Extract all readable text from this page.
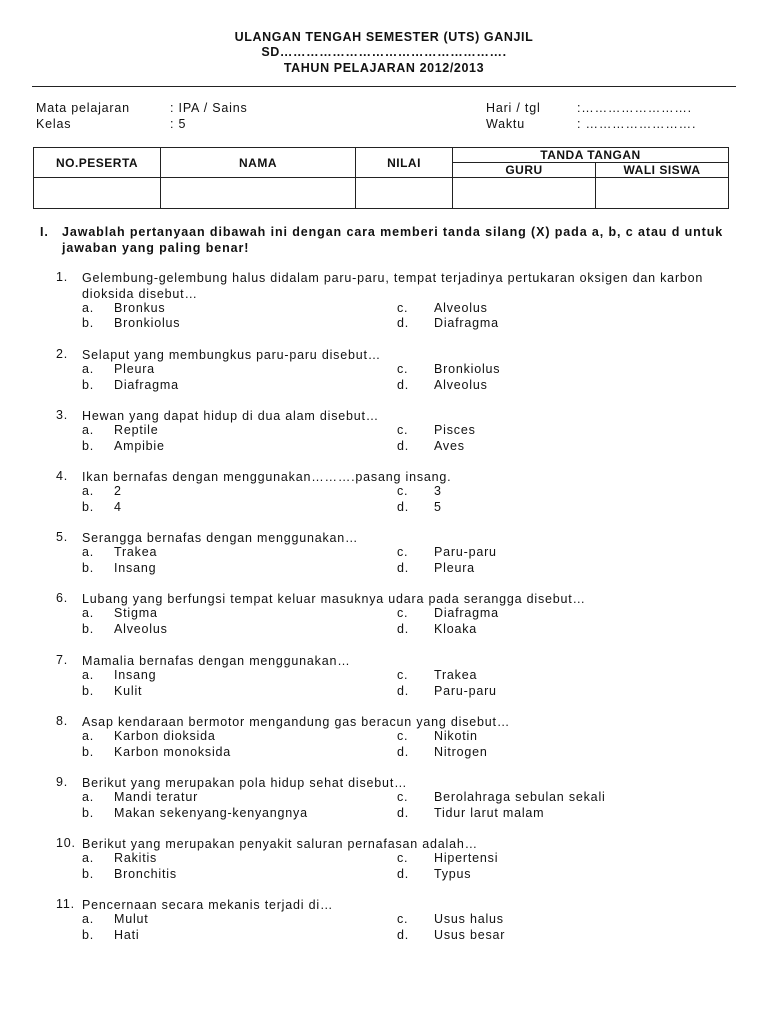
ULANGAN TENGAH SEMESTER (UTS) GANJIL
SD…………………………………………….
TAHUN PELAJARAN 2012/2013
Mata pelajaran	: IPA / Sains
Kelas	: 5
Hari / tgl	:…………………….
Waktu	: …………………….
NO.PESERTA	NAMA	NILAI	TANDA TANGAN	
			GURU	WALI SISWA

I. Jawablah pertanyaan dibawah ini dengan cara memberi tanda silang (X) pada a, b, c atau d untuk jawaban yang paling benar!
1. Gelembung-gelembung halus didalam paru-paru, tempat terjadinya pertukaran oksigen dan karbon dioksida disebut…
a. Bronkus	c. Alveolus
b. Bronkiolus	d. Diafragma
2. Selaput yang membungkus paru-paru disebut…
a. Pleura	c. Bronkiolus
b. Diafragma	d. Alveolus
3. Hewan yang dapat hidup di dua alam disebut…
a. Reptile	c. Pisces
b. Ampibie	d. Aves
4. Ikan bernafas dengan menggunakan……….pasang insang.
a. 2	c. 3
b. 4	d. 5
5. Serangga bernafas dengan menggunakan…
a. Trakea	c. Paru-paru
b. Insang	d. Pleura
6. Lubang yang berfungsi tempat keluar masuknya udara pada serangga disebut…
a. Stigma	c. Diafragma
b. Alveolus	d. Kloaka
7. Mamalia bernafas dengan menggunakan…
a. Insang	c. Trakea
b. Kulit	d. Paru-paru
8. Asap kendaraan bermotor mengandung gas beracun yang disebut…
a. Karbon dioksida	c. Nikotin
b. Karbon monoksida	d. Nitrogen
9. Berikut yang merupakan pola hidup sehat disebut…
a. Mandi teratur	c. Berolahraga sebulan sekali
b. Makan sekenyang-kenyangnya	d. Tidur larut malam
10. Berikut yang merupakan penyakit saluran pernafasan adalah…
a. Rakitis	c. Hipertensi
b. Bronchitis	d. Typus
11. Pencernaan secara mekanis terjadi di…
a. Mulut	c. Usus halus
b. Hati	d. Usus besar
